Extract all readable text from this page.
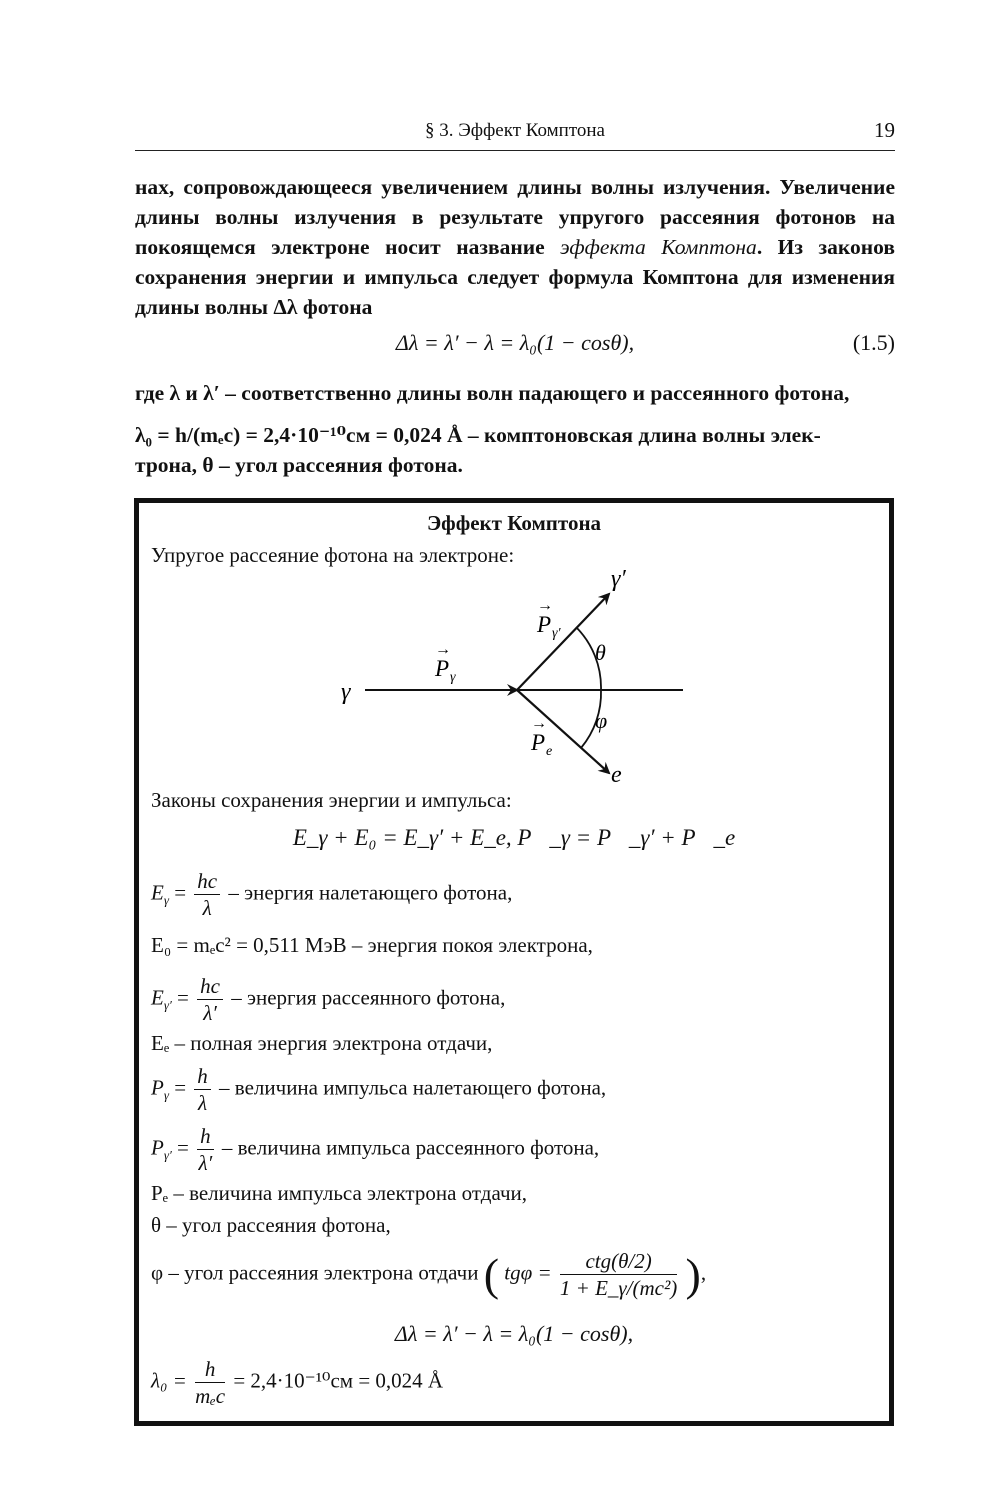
§ 3. Эффект Комптона	19

нах, сопровождающееся увеличением длины волны излучения. Увеличение длины волны излучения в результате упругого рассеяния фотонов на покоящемся электроне носит название эффекта Комптона. Из законов сохранения энергии и импульса следует формула Комптона для изменения длины волны Δλ фотона

Δλ = λ′ − λ = λ₀(1 − cosθ),	(1.5)

где λ и λ′ – соответственно длины волн падающего и рассеянного фотона,

λ₀ = h/(mₑc) = 2,4·10⁻¹⁰см = 0,024 Å – комптоновская длина волны элек-

трона, θ – угол рассеяния фотона.

Эффект Комптона
Упругое рассеяние фотона на электроне:
γ
γ′
e
θ
φ
→
P γ
→
P γ′
→
P e
Законы сохранения энергии и импульса:
E_γ + E₀ = E_γ′ + E_e, P⃗_γ = P⃗_γ′ + P⃗_e
$E_\gamma = \frac{hc}{\lambda}$ – энергия налетающего фотона,
E₀ = mₑc² = 0,511 МэВ – энергия покоя электрона,
$E_{\gamma'} = \frac{hc}{\lambda'}$ – энергия рассеянного фотона,
Eₑ – полная энергия электрона отдачи,
$P_\gamma = \frac{h}{\lambda}$ – величина импульса налетающего фотона,
$P_{\gamma'} = \frac{h}{\lambda'}$ – величина импульса рассеянного фотона,
Pₑ – величина импульса электрона отдачи,
θ – угол рассеяния фотона,
φ – угол рассеяния электрона отдачи ( $tg\varphi = \frac{\text{ctg(θ/2)}}{\text{1 + E\_γ/(mc²)}}$ ),
Δλ = λ′ − λ = λ₀(1 − cosθ),
$\lambda_0 = \frac{h}{\text{mₑc}} = 2,4\cdot 10^{-10}см = 0,024$ Å
